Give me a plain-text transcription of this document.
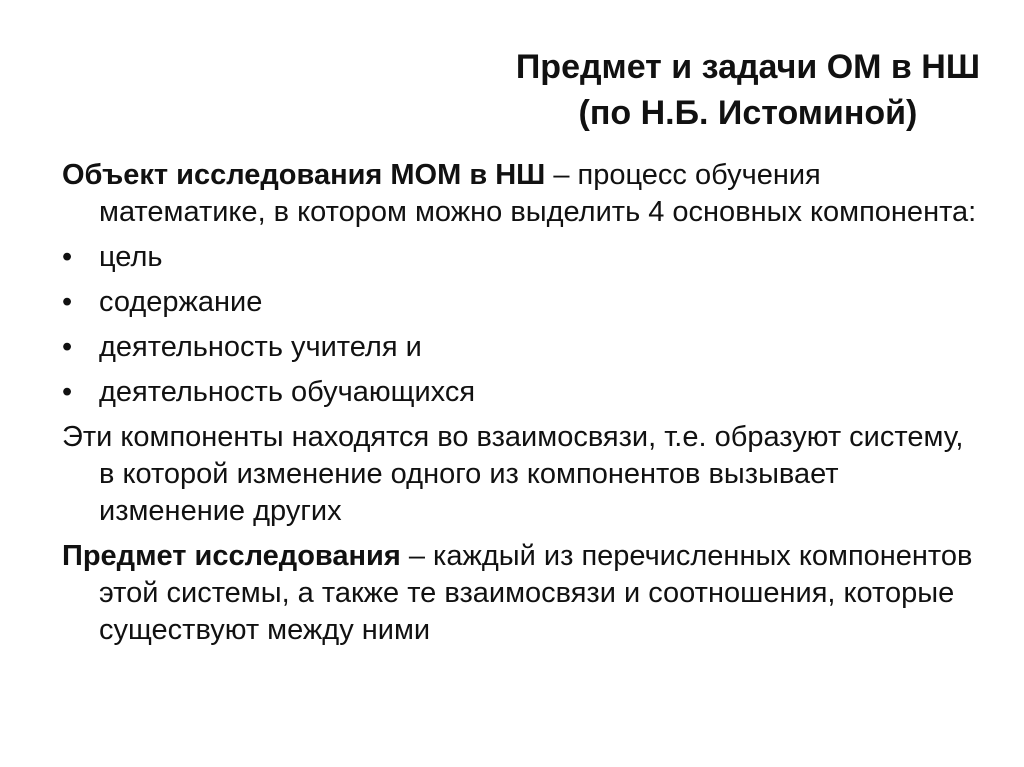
Предмет и задачи ОМ в НШ
(по Н.Б. Истоминой)

Объект исследования МОМ в НШ – процесс обучения математике, в котором можно выделить 4 основных компонента:

• цель
• содержание
• деятельность учителя и
• деятельность обучающихся

Эти компоненты находятся во взаимосвязи, т.е. образуют систему, в которой изменение одного из компонентов вызывает изменение других

Предмет исследования – каждый из перечисленных компонентов этой системы, а также те взаимосвязи и соотношения, которые существуют между ними
